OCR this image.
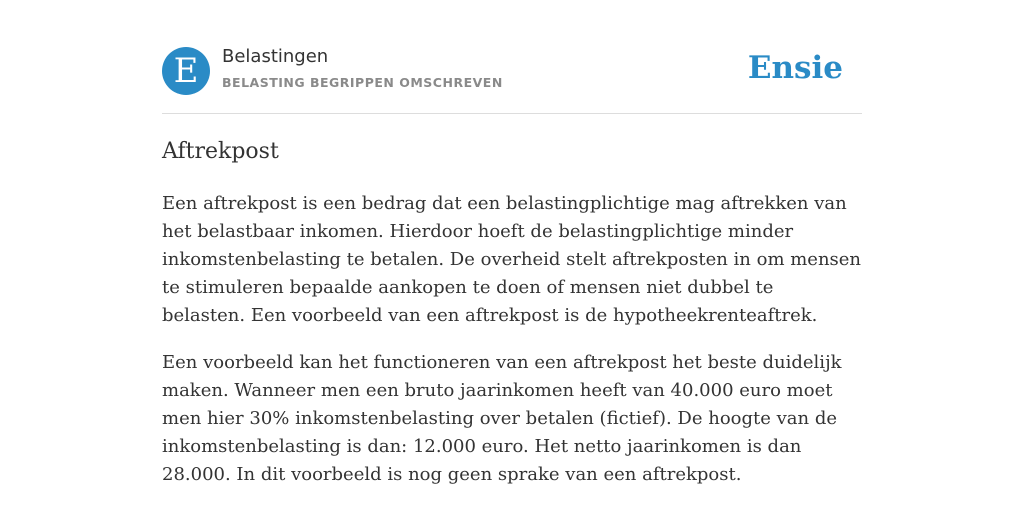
E	Belastingen
BELASTING BEGRIPPEN OMSCHREVEN	Ensie
Aftrekpost

Een aftrekpost is een bedrag dat een belastingplichtige mag aftrekken van het belastbaar inkomen. Hierdoor hoeft de belastingplichtige minder inkomstenbelasting te betalen. De overheid stelt aftrekposten in om mensen te stimuleren bepaalde aankopen te doen of mensen niet dubbel te belasten. Een voorbeeld van een aftrekpost is de hypotheekrenteaftrek.

Een voorbeeld kan het functioneren van een aftrekpost het beste duidelijk maken. Wanneer men een bruto jaarinkomen heeft van 40.000 euro moet men hier 30% inkomstenbelasting over betalen (fictief). De hoogte van de inkomstenbelasting is dan: 12.000 euro. Het netto jaarinkomen is dan 28.000. In dit voorbeeld is nog geen sprake van een aftrekpost.
